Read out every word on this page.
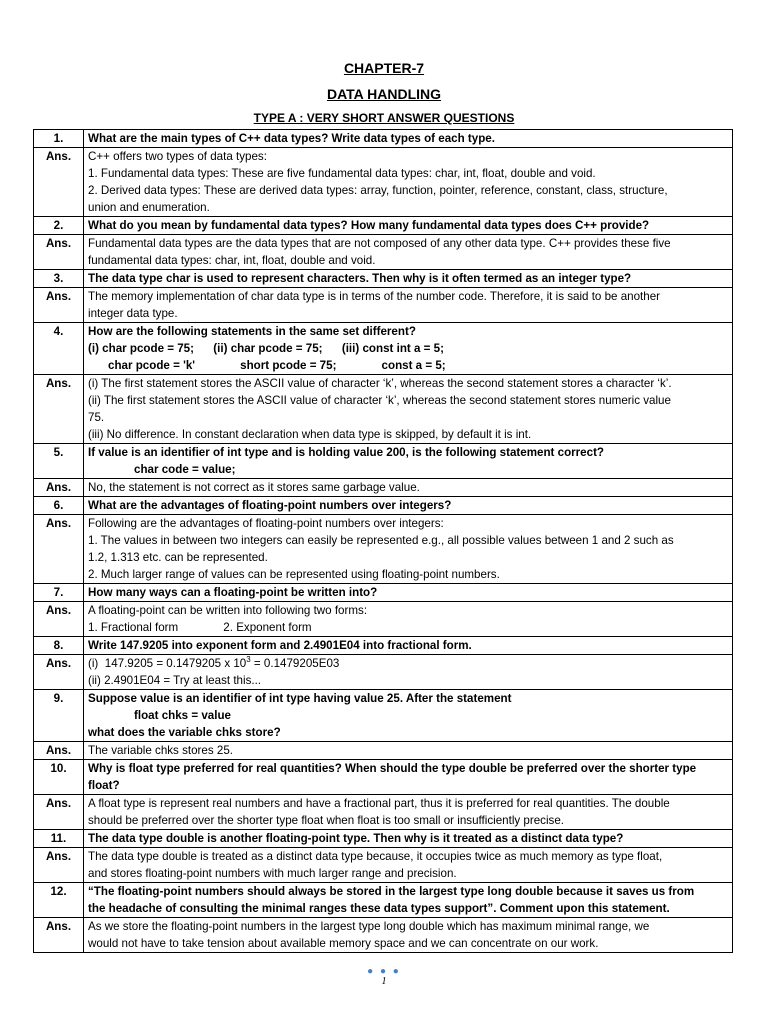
CHAPTER-7
DATA HANDLING
TYPE A : VERY SHORT ANSWER QUESTIONS
1.	What are the main types of C++ data types? Write data types of each type.

Ans.	C++ offers two types of data types:
1. Fundamental data types: These are five fundamental data types: char, int, float, double and void.
2. Derived data types: These are derived data types: array, function, pointer, reference, constant, class, structure,
union and enumeration.

2.	What do you mean by fundamental data types? How many fundamental data types does C++ provide?

Ans.	Fundamental data types are the data types that are not composed of any other data type. C++ provides these five
fundamental data types: char, int, float, double and void.

3.	The data type char is used to represent characters. Then why is it often termed as an integer type?

Ans.	The memory implementation of char data type is in terms of the number code. Therefore, it is said to be another
integer data type.

4.	How are the following statements in the same set different?
(i) char pcode = 75;      (ii) char pcode = 75;      (iii) const int a = 5;
char pcode = 'k'              short pcode = 75;              const a = 5;

Ans.	(i) The first statement stores the ASCII value of character ‘k’, whereas the second statement stores a character ‘k’.
(ii) The first statement stores the ASCII value of character ‘k’, whereas the second statement stores numeric value
75.
(iii) No difference. In constant declaration when data type is skipped, by default it is int.

5.	If value is an identifier of int type and is holding value 200, is the following statement correct?
char code = value;

Ans.	No, the statement is not correct as it stores same garbage value.

6.	What are the advantages of floating-point numbers over integers?

Ans.	Following are the advantages of floating-point numbers over integers:
1. The values in between two integers can easily be represented e.g., all possible values between 1 and 2 such as
1.2, 1.313 etc. can be represented.
2. Much larger range of values can be represented using floating-point numbers.

7.	How many ways can a floating-point be written into?

Ans.	A floating-point can be written into following two forms:
1. Fractional form              2. Exponent form

8.	Write 147.9205 into exponent form and 2.4901E04 into fractional form.

Ans.	(i)  147.9205 = 0.1479205 x $10^3 = 0.1479205E03$
(ii) 2.4901E04 = Try at least this...

9.	Suppose value is an identifier of int type having value 25. After the statement
float chks = value
what does the variable chks store?

Ans.	The variable chks stores 25.

10.	Why is float type preferred for real quantities? When should the type double be preferred over the shorter type
float?

Ans.	A float type is represent real numbers and have a fractional part, thus it is preferred for real quantities. The double
should be preferred over the shorter type float when float is too small or insufficiently precise.

11.	The data type double is another floating-point type. Then why is it treated as a distinct data type?

Ans.	The data type double is treated as a distinct data type because, it occupies twice as much memory as type float,
and stores floating-point numbers with much larger range and precision.

12.	“The floating-point numbers should always be stored in the largest type long double because it saves us from
the headache of consulting the minimal ranges these data types support”. Comment upon this statement.

Ans.	As we store the floating-point numbers in the largest type long double which has maximum minimal range, we
would not have to take tension about available memory space and we can concentrate on our work.
● ● ●
1
